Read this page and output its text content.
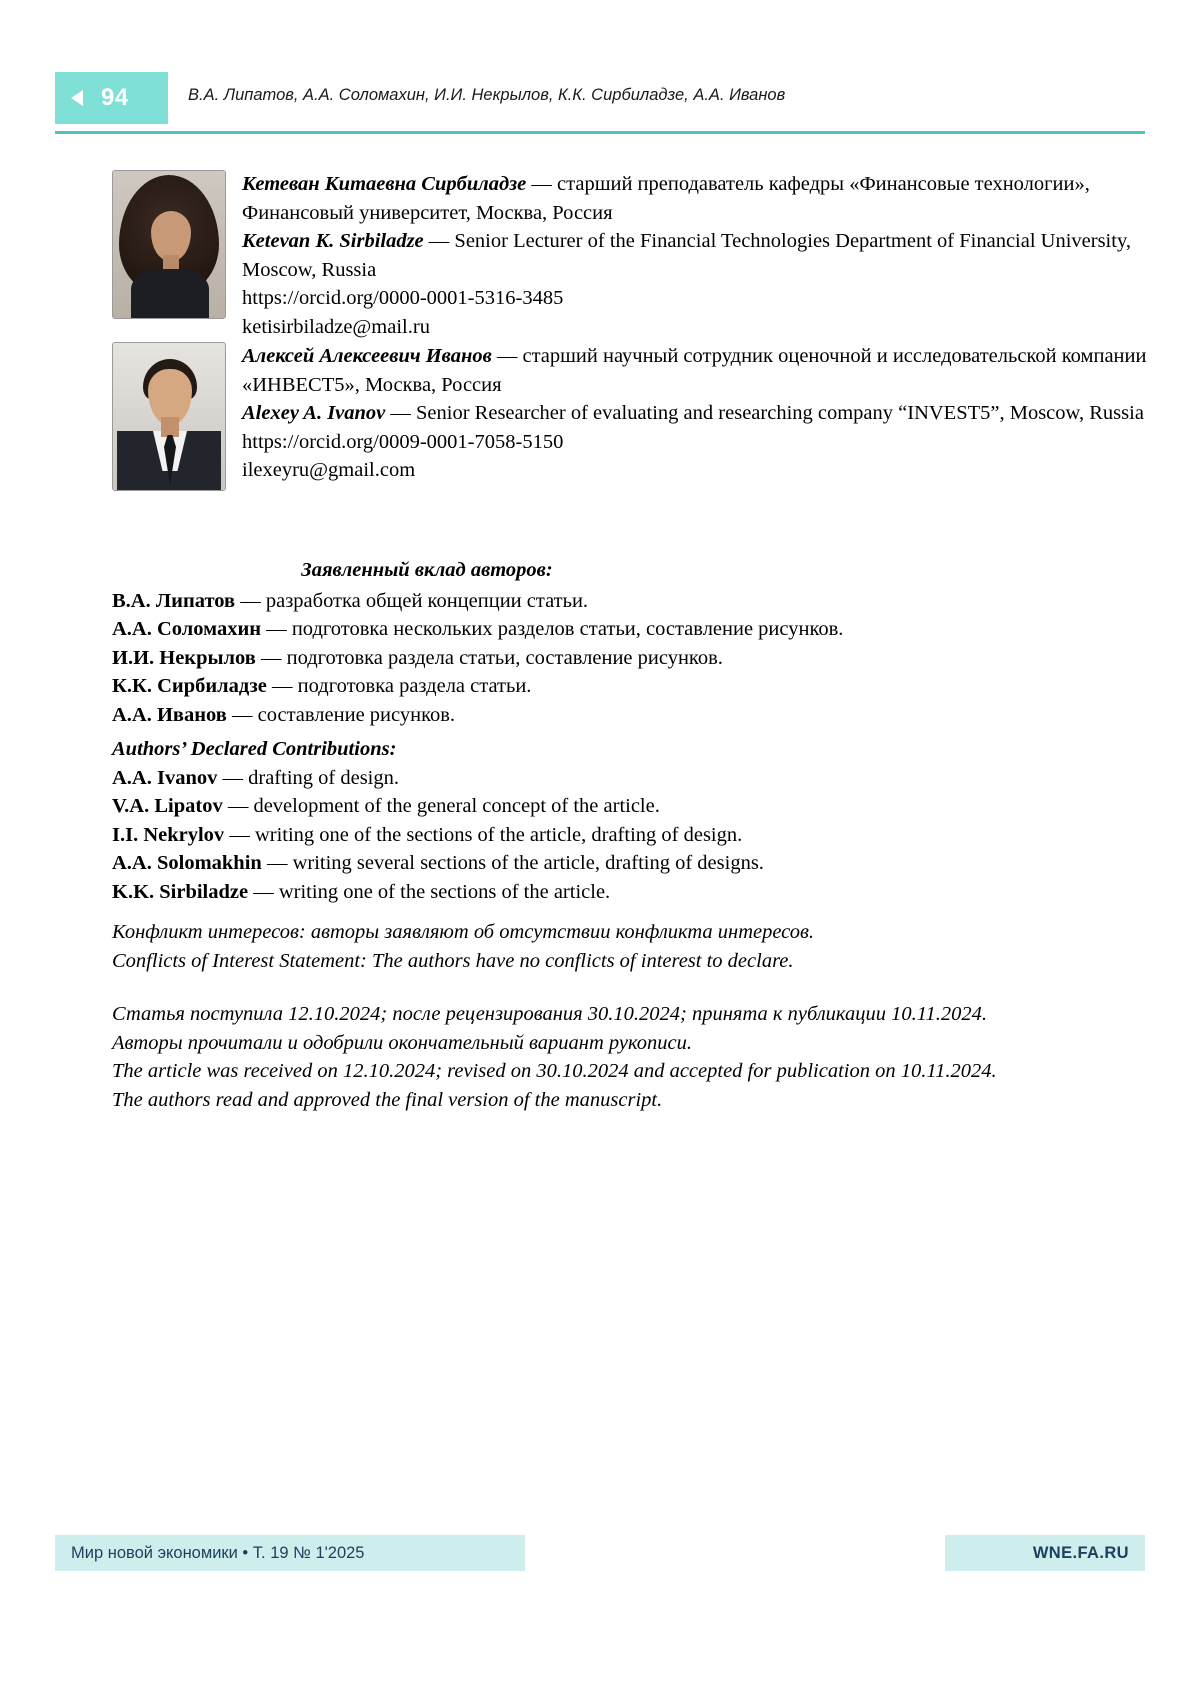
94	В.А. Липатов, А.А. Соломахин, И.И. Некрылов, К.К. Сирбиладзе, А.А. Иванов
Кетеван Китаевна Сирбиладзе — старший преподаватель кафедры «Финансовые технологии», Финансовый университет, Москва, Россия
Ketevan K. Sirbiladze — Senior Lecturer of the Financial Technologies Department of Financial University, Moscow, Russia
https://orcid.org/0000-0001-5316-3485
ketisirbiladze@mail.ru
Алексей Алексеевич Иванов — старший научный сотрудник оценочной и исследовательской компании «ИНВЕСТ5», Москва, Россия
Alexey A. Ivanov — Senior Researcher of evaluating and researching company “INVEST5”, Moscow, Russia
https://orcid.org/0009-0001-7058-5150
ilexeyru@gmail.com
Заявленный вклад авторов:
В.А. Липатов — разработка общей концепции статьи.
А.А. Соломахин — подготовка нескольких разделов статьи, составление рисунков.
И.И. Некрылов — подготовка раздела статьи, составление рисунков.
К.К. Сирбиладзе — подготовка раздела статьи.
А.А. Иванов — составление рисунков.
Authors’ Declared Contributions:
A.A. Ivanov — drafting of design.
V.A. Lipatov — development of the general concept of the article.
I.I. Nekrylov — writing one of the sections of the article, drafting of design.
A.A. Solomakhin — writing several sections of the article, drafting of designs.
K.K. Sirbiladze — writing one of the sections of the article.
Конфликт интересов: авторы заявляют об отсутствии конфликта интересов.
Conflicts of Interest Statement: The authors have no conflicts of interest to declare.
Статья поступила 12.10.2024; после рецензирования 30.10.2024; принята к публикации 10.11.2024.
Авторы прочитали и одобрили окончательный вариант рукописи.
The article was received on 12.10.2024; revised on 30.10.2024 and accepted for publication on 10.11.2024.
The authors read and approved the final version of the manuscript.
Мир новой экономики • Т. 19 № 1'2025	WNE.FA.RU
